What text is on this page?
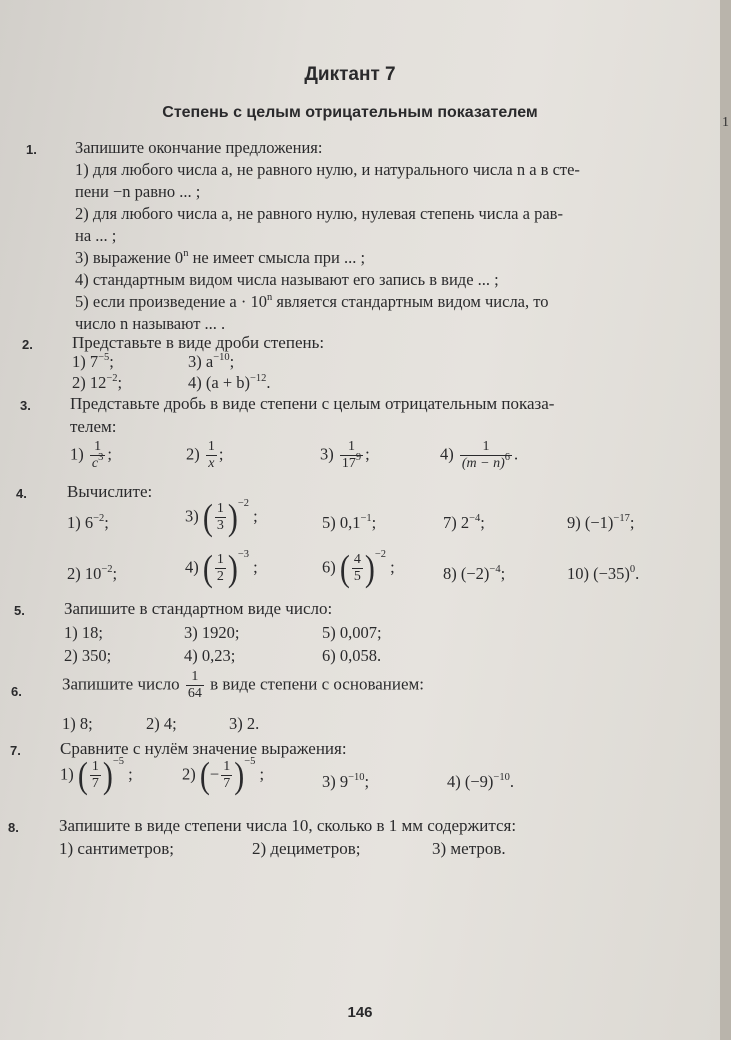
Диктант 7
Степень с целым отрицательным показателем
1. Запишите окончание предложения:
1) для любого числа a, не равного нулю, и натурального числа n a в сте-
пени −n равно ... ;
2) для любого числа a, не равного нулю, нулевая степень числа a рав-
на ... ;
3) выражение 0$^n$ не имеет смысла при ... ;
4) стандартным видом числа называют его запись в виде ... ;
5) если произведение $a \cdot 10^n$ является стандартным видом числа, то
число n называют ... .
2. Представьте в виде дроби степень:
1) $7^{-5}$;	3) $a^{-10}$;
2) $12^{-2}$;	4) $(a + b)^{-12}$.
3. Представьте дробь в виде степени с целым отрицательным показа-
телем:
$1) \frac{1}{c^3}$ ;	$2) \frac{1}{x}$ ;	$3) \frac{1}{17^9}$ ;	$4) \frac{1}{(m - n)^6}$ .
4. Вычислите:
1) $6^{-2}$;	3) ( $\frac{1}{3} )^{-2}$ ;	5) $0,1^{-1}$;	7) $2^{-4}$;	9) $(-1)^{-17}$;
2) $10^{-2}$;	4) ( $\frac{1}{2} )^{-3}$ ;	6) ( $\frac{4}{5} )^{-2}$ ;	8) $(-2)^{-4}$;	10) $(-35)^0$.
5. Запишите в стандартном виде число:
1) 18;	3) 1920;	5) 0,007;
2) 350;	4) 0,23;	6) 0,058.
6. Запишите число $\frac{1}{64}$ в виде степени с основанием:
1) 8;	2) 4;	3) 2.
7. Сравните с нулём значение выражения:
1) ( $\frac{1}{7} )^{-5}$ ;	2) (− $\frac{1}{7} )^{-5}$ ;	3) $9^{-10}$;	4) $(-9)^{-10}$.
8. Запишите в виде степени числа 10, сколько в 1 мм содержится:
1) сантиметров;	2) дециметров;	3) метров.
146
1
